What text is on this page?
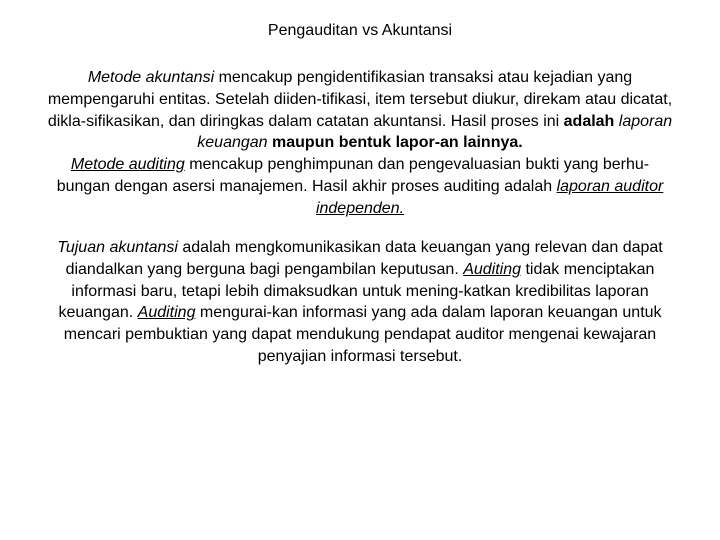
Pengauditan vs Akuntansi
Metode akuntansi mencakup pengidentifikasian transaksi atau kejadian yang mempengaruhi entitas. Setelah diiden-tifikasi, item tersebut diukur, direkam atau dicatat, dikla-sifikasikan, dan diringkas dalam catatan akuntansi. Hasil proses ini adalah laporan keuangan maupun bentuk lapor-an lainnya.
Metode auditing mencakup penghimpunan dan pengevaluasian bukti yang berhu-bungan dengan asersi manajemen. Hasil akhir proses auditing adalah laporan auditor independen.
Tujuan akuntansi adalah mengkomunikasikan data keuangan yang relevan dan dapat diandalkan yang berguna bagi pengambilan keputusan. Auditing tidak menciptakan informasi baru, tetapi lebih dimaksudkan untuk mening-katkan kredibilitas laporan keuangan. Auditing mengurai-kan informasi yang ada dalam laporan keuangan untuk mencari pembuktian yang dapat mendukung pendapat auditor mengenai kewajaran penyajian informasi tersebut.
